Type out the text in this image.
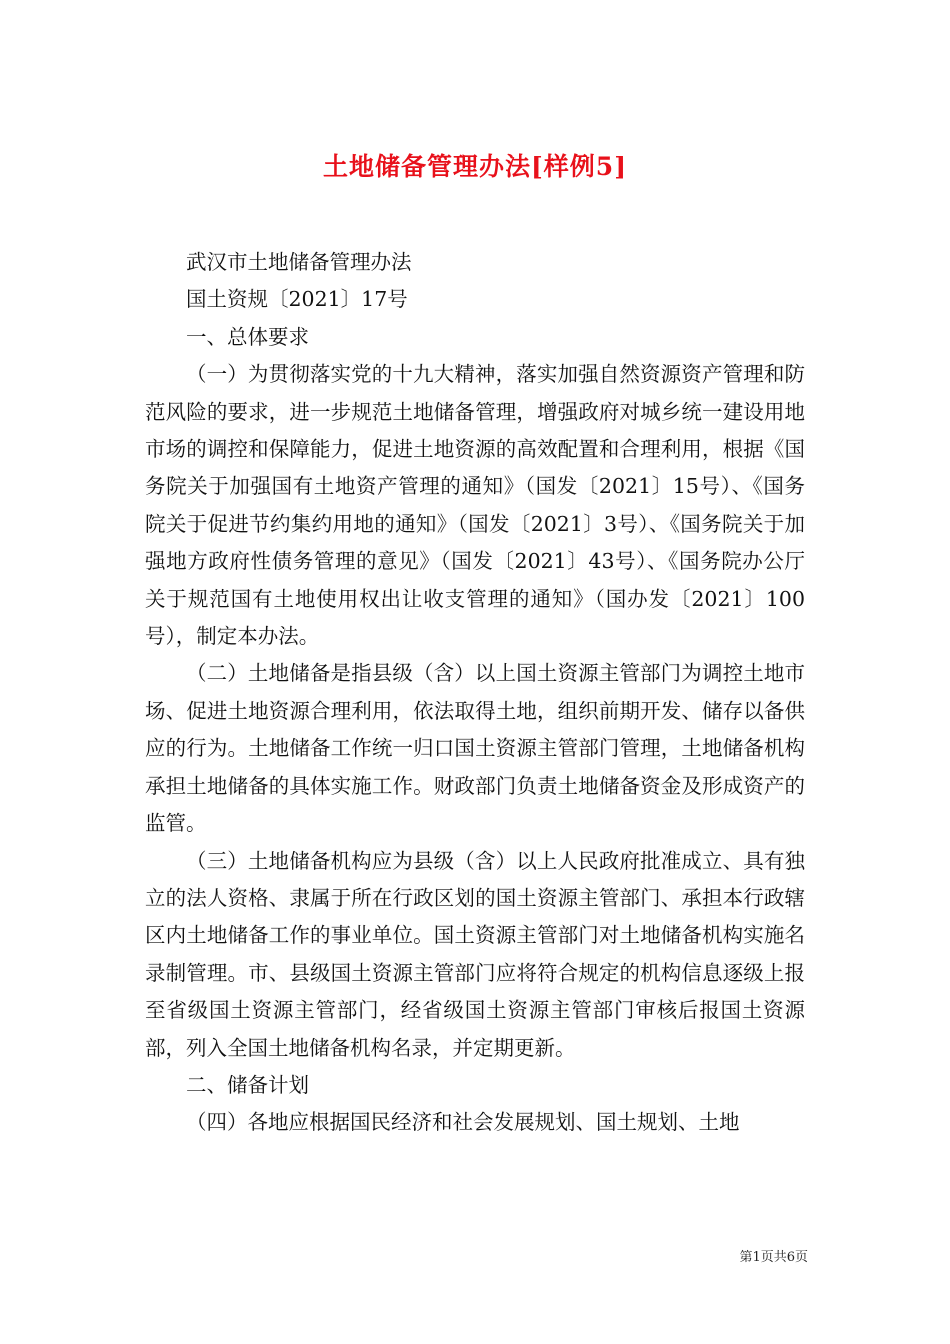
土地储备管理办法[样例5]

武汉市土地储备管理办法

国土资规〔2021〕17号

一、总体要求

（一）为贯彻落实党的十九大精神，落实加强自然资源资产管理和防范风险的要求，进一步规范土地储备管理，增强政府对城乡统一建设用地市场的调控和保障能力，促进土地资源的高效配置和合理利用，根据《国务院关于加强国有土地资产管理的通知》（国发〔2021〕15号）、《国务院关于促进节约集约用地的通知》（国发〔2021〕3号）、《国务院关于加强地方政府性债务管理的意见》（国发〔2021〕43号）、《国务院办公厅关于规范国有土地使用权出让收支管理的通知》（国办发〔2021〕100号），制定本办法。

（二）土地储备是指县级（含）以上国土资源主管部门为调控土地市场、促进土地资源合理利用，依法取得土地，组织前期开发、储存以备供应的行为。土地储备工作统一归口国土资源主管部门管理，土地储备机构承担土地储备的具体实施工作。财政部门负责土地储备资金及形成资产的监管。

（三）土地储备机构应为县级（含）以上人民政府批准成立、具有独立的法人资格、隶属于所在行政区划的国土资源主管部门、承担本行政辖区内土地储备工作的事业单位。国土资源主管部门对土地储备机构实施名录制管理。市、县级国土资源主管部门应将符合规定的机构信息逐级上报至省级国土资源主管部门，经省级国土资源主管部门审核后报国土资源部，列入全国土地储备机构名录，并定期更新。

二、储备计划

（四）各地应根据国民经济和社会发展规划、国土规划、土地

第1页共6页
